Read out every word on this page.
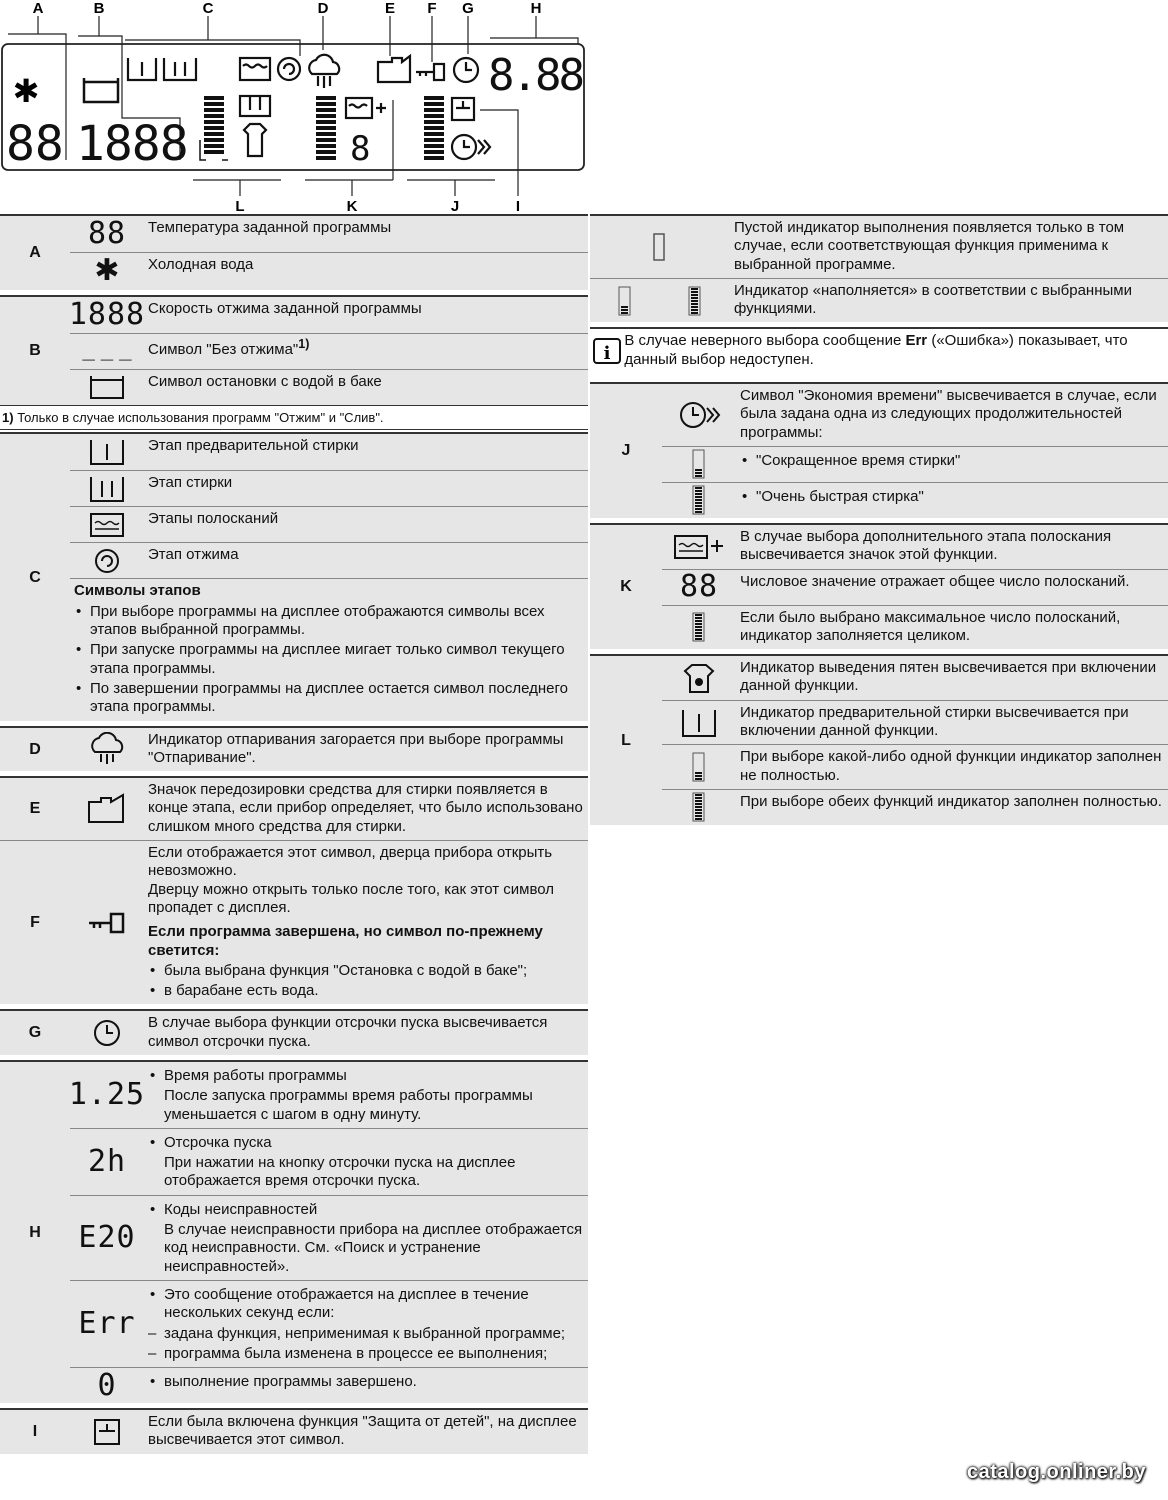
A	B	C	D	E F G	H
L	K	J	I
✱
88 1888
8.88
8
A
88 Температура заданной программы
✱ Холодная вода
B
1888 Скорость отжима заданной программы
_ _ _ Символ "Без отжима"$^{1)}$
Символ остановки с водой в баке
1) Только в случае использования программ "Отжим" и "Слив".
C
Этап предварительной стирки
Этап стирки
Этапы полосканий
Этап отжима
Символы этапов
• При выборе программы на дисплее отображаются символы всех этапов выбранной программы.
• При запуске программы на дисплее мигает только символ текущего этапа программы.
• По завершении программы на дисплее остается символ последнего этапа программы.
D
Индикатор отпаривания загорается при выборе программы "Отпаривание".
E
Значок передозировки средства для стирки появляется в конце этапа, если прибор определяет, что было использовано слишком много средства для стирки.
F
Если отображается этот символ, дверца прибора открыть невозможно.
Дверцу можно открыть только после того, как этот символ пропадет с дисплея.
Если программа завершена, но символ по-прежнему светится:
• была выбрана функция "Остановка с водой в баке";
• в барабане есть вода.
G
В случае выбора функции отсрочки пуска высвечивается символ отсрочки пуска.
H
1.25
• Время работы программы
После запуска программы время работы программы уменьшается с шагом в одну минуту.
2h
• Отсрочка пуска
При нажатии на кнопку отсрочки пуска на дисплее отображается время отсрочки пуска.
E20
• Коды неисправностей
В случае неисправности прибора на дисплее отображается код неисправности. См. «Поиск и устранение неисправностей».
Err
• Это сообщение отображается на дисплее в течение нескольких секунд если:
– задана функция, неприменимая к выбранной программе;
– программа была изменена в процессе ее выполнения;
0
•	выполнение программы завершено.
I
Если была включена функция "Защита от детей", на дисплее высвечивается этот символ.
Пустой индикатор выполнения появляется только в том случае, если соответствующая функция применима к выбранной программе.
Индикатор «наполняется» в соответствии с выбранными функциями.
i
В случае неверного выбора сообщение Err («Ошибка») показывает, что данный выбор недоступен.
J
Символ "Экономия времени" высвечивается в случае, если была задана одна из следующих продолжительностей программы:
• "Сокращенное время стирки"
• "Очень быстрая стирка"
K
В случае выбора дополнительного этапа полоскания высвечивается значок этой функции.
88 Числовое значение отражает общее число полосканий.
Если было выбрано максимальное число полосканий, индикатор заполняется целиком.
L
Индикатор выведения пятен высвечивается при включении данной функции.
Индикатор предварительной стирки высвечивается при включении данной функции.
При выборе какой-либо одной функции индикатор заполнен не полностью.
При выборе обеих функций индикатор заполнен полностью.
catalog.onliner.by
